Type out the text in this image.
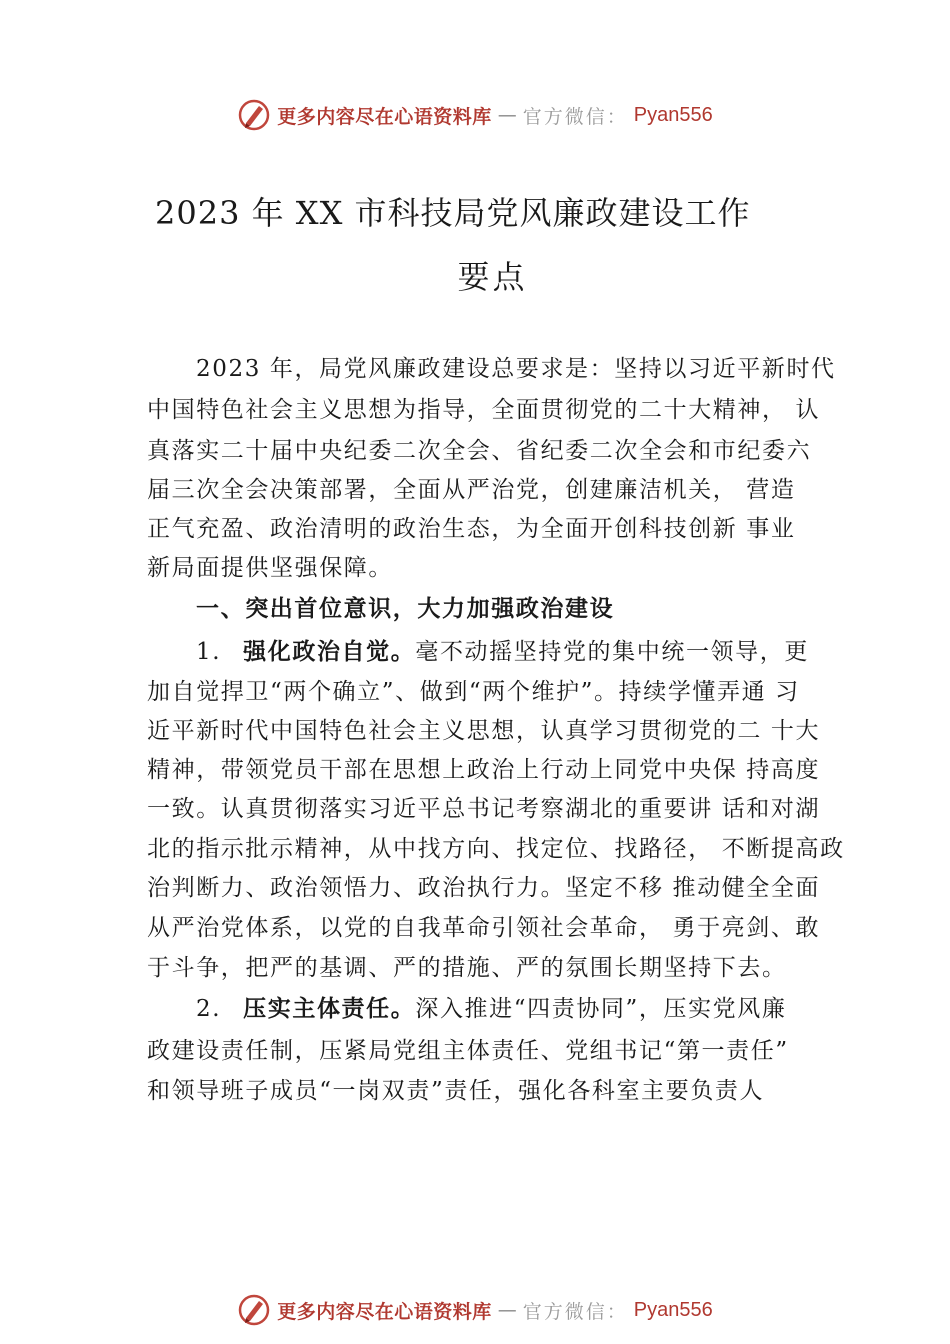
更多内容尽在心语资料库 — 官方微信： Pyan556
2023 年 XX 市科技局党风廉政建设工作
要点
2023 年，局党风廉政建设总要求是：坚持以习近平新时代
中国特色社会主义思想为指导，全面贯彻党的二十大精神， 认
真落实二十届中央纪委二次全会、省纪委二次全会和市纪委六
届三次全会决策部署，全面从严治党，创建廉洁机关， 营造
正气充盈、政治清明的政治生态，为全面开创科技创新 事业
新局面提供坚强保障。
一、突出首位意识，大力加强政治建设
1. 强化政治自觉。毫不动摇坚持党的集中统一领导，更
加自觉捍卫“两个确立”、做到“两个维护”。持续学懂弄通 习
近平新时代中国特色社会主义思想，认真学习贯彻党的二 十大
精神，带领党员干部在思想上政治上行动上同党中央保 持高度
一致。认真贯彻落实习近平总书记考察湖北的重要讲 话和对湖
北的指示批示精神，从中找方向、找定位、找路径， 不断提高政
治判断力、政治领悟力、政治执行力。坚定不移 推动健全全面
从严治党体系，以党的自我革命引领社会革命， 勇于亮剑、敢
于斗争，把严的基调、严的措施、严的氛围长期坚持下去。
2. 压实主体责任。深入推进“四责协同”，压实党风廉
政建设责任制，压紧局党组主体责任、党组书记“第一责任”
和领导班子成员“一岗双责”责任，强化各科室主要负责人
更多内容尽在心语资料库 — 官方微信： Pyan556
